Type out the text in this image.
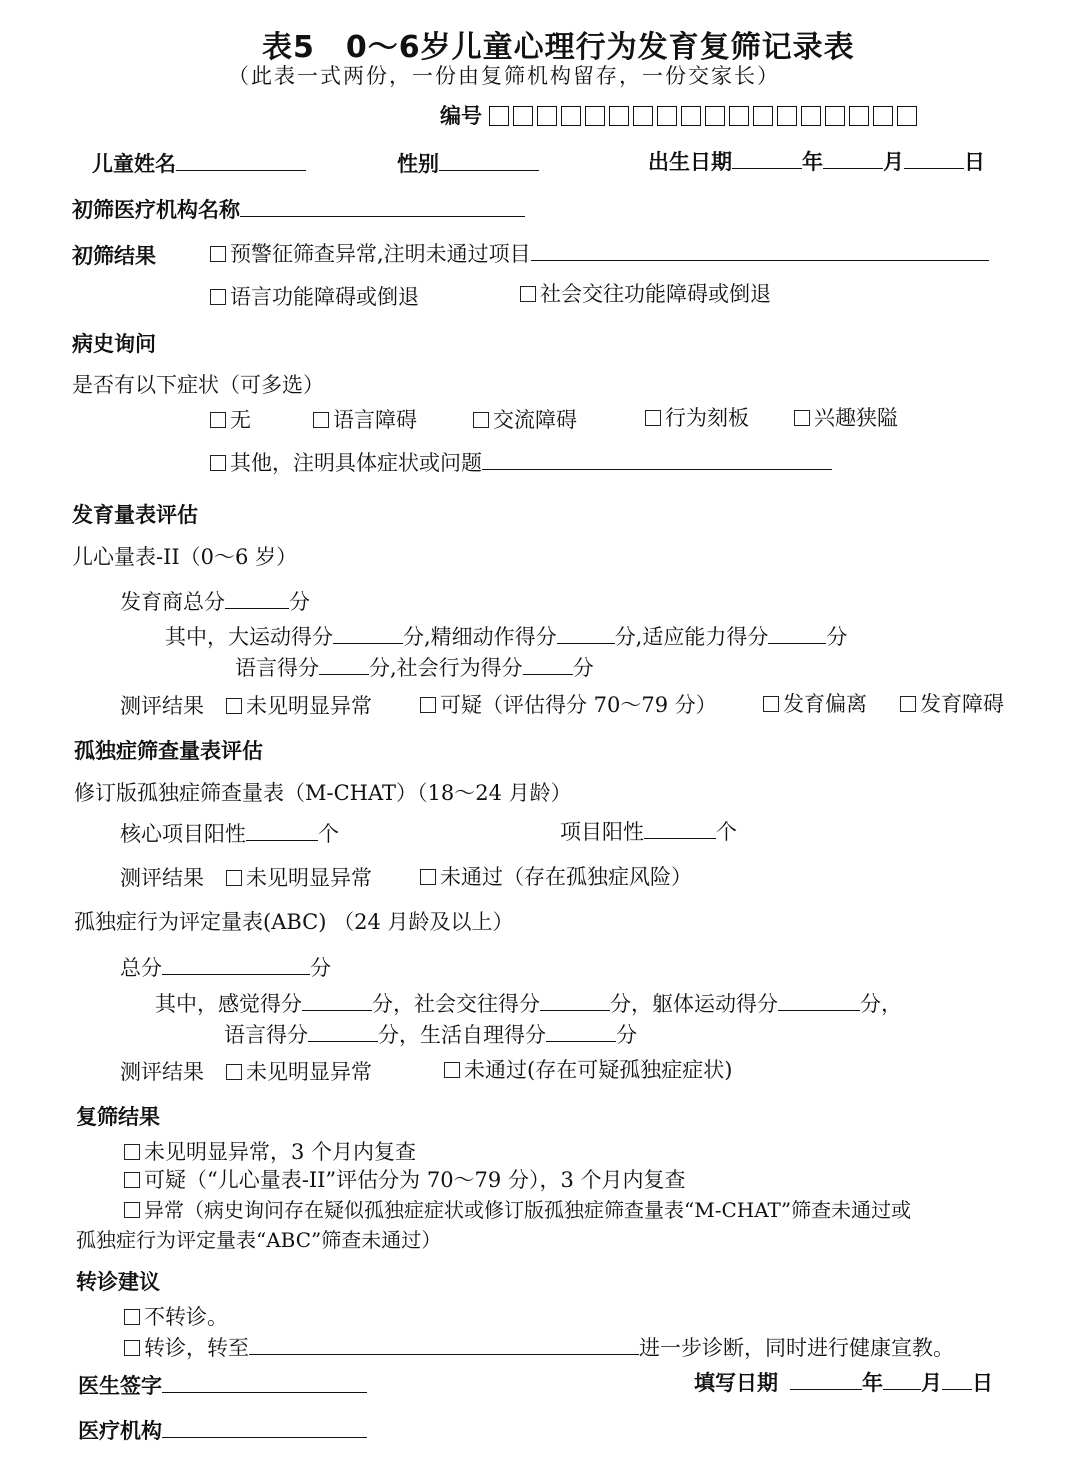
表5　0～6岁儿童心理行为发育复筛记录表
（此表一式两份，一份由复筛机构留存，一份交家长）
编号
儿童姓名	性别	出生日期	年	月	日
初筛医疗机构名称
初筛结果	预警征筛查异常,注明未通过项目
语言功能障碍或倒退	社会交往功能障碍或倒退
病史询问
是否有以下症状（可多选）
无	语言障碍	交流障碍	行为刻板	兴趣狭隘
其他，注明具体症状或问题
发育量表评估
儿心量表-II（0～6 岁）
发育商总分	分
其中，大运动得分	分,精细动作得分	分,适应能力得分	分
语言得分 分,社会行为得分 分
测评结果	未见明显异常	可疑（评估得分 70～79 分）	发育偏离	发育障碍
孤独症筛查量表评估
修订版孤独症筛查量表（M-CHAT）（18～24 月龄）
核心项目阳性	个	项目阳性	个
测评结果	未见明显异常	未通过（存在孤独症风险）
孤独症行为评定量表(ABC) （24 月龄及以上）
总分	分
其中，感觉得分	分，社会交往得分	分，躯体运动得分	分，
语言得分	分，生活自理得分	分
测评结果	未见明显异常	未通过(存在可疑孤独症症状)
复筛结果
未见明显异常，3 个月内复查
可疑（“儿心量表-II”评估分为 70～79 分），3 个月内复查
异常（病史询问存在疑似孤独症症状或修订版孤独症筛查量表“M-CHAT”筛查未通过或
孤独症行为评定量表“ABC”筛查未通过）
转诊建议
不转诊。
转诊，转至	进一步诊断，同时进行健康宣教。
医生签字	填写日期	年 月 日
医疗机构
